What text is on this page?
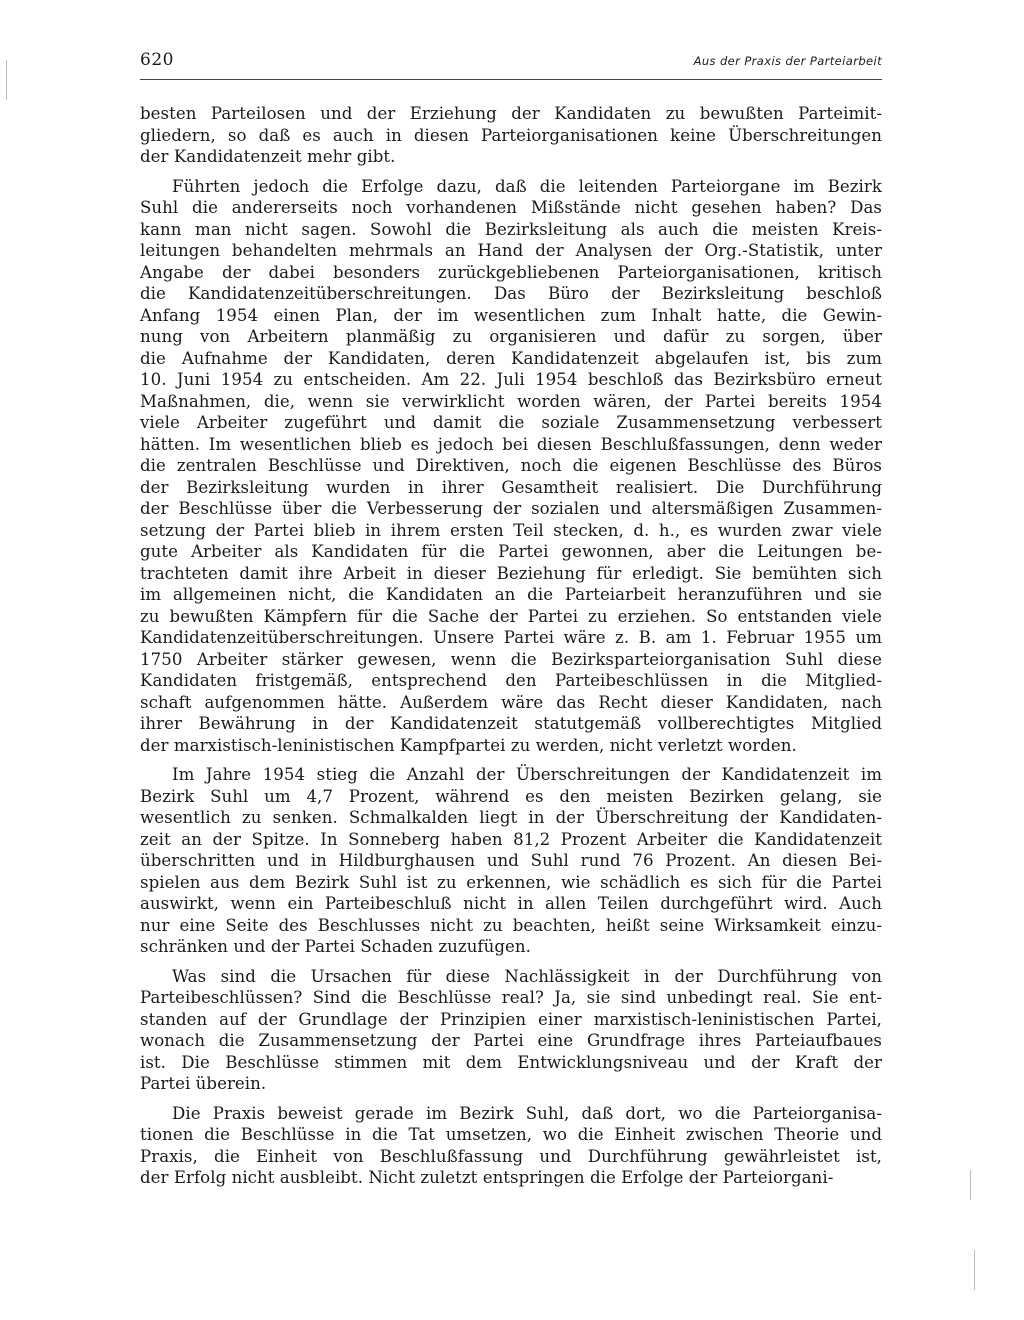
620	Aus der Praxis der Parteiarbeit
besten Parteilosen und der Erziehung der Kandidaten zu bewußten Parteimit-
gliedern, so daß es auch in diesen Parteiorganisationen keine Überschreitungen
der Kandidatenzeit mehr gibt.
Führten jedoch die Erfolge dazu, daß die leitenden Parteiorgane im Bezirk
Suhl die andererseits noch vorhandenen Mißstände nicht gesehen haben? Das
kann man nicht sagen. Sowohl die Bezirksleitung als auch die meisten Kreis-
leitungen behandelten mehrmals an Hand der Analysen der Org.-Statistik, unter
Angabe der dabei besonders zurückgebliebenen Parteiorganisationen, kritisch
die Kandidatenzeitüberschreitungen. Das Büro der Bezirksleitung beschloß
Anfang 1954 einen Plan, der im wesentlichen zum Inhalt hatte, die Gewin-
nung von Arbeitern planmäßig zu organisieren und dafür zu sorgen, über
die Aufnahme der Kandidaten, deren Kandidatenzeit abgelaufen ist, bis zum
10. Juni 1954 zu entscheiden. Am 22. Juli 1954 beschloß das Bezirksbüro erneut
Maßnahmen, die, wenn sie verwirklicht worden wären, der Partei bereits 1954
viele Arbeiter zugeführt und damit die soziale Zusammensetzung verbessert
hätten. Im wesentlichen blieb es jedoch bei diesen Beschlußfassungen, denn weder
die zentralen Beschlüsse und Direktiven, noch die eigenen Beschlüsse des Büros
der Bezirksleitung wurden in ihrer Gesamtheit realisiert. Die Durchführung
der Beschlüsse über die Verbesserung der sozialen und altersmäßigen Zusammen-
setzung der Partei blieb in ihrem ersten Teil stecken, d. h., es wurden zwar viele
gute Arbeiter als Kandidaten für die Partei gewonnen, aber die Leitungen be-
trachteten damit ihre Arbeit in dieser Beziehung für erledigt. Sie bemühten sich
im allgemeinen nicht, die Kandidaten an die Parteiarbeit heranzuführen und sie
zu bewußten Kämpfern für die Sache der Partei zu erziehen. So entstanden viele
Kandidatenzeitüberschreitungen. Unsere Partei wäre z. B. am 1. Februar 1955 um
1750 Arbeiter stärker gewesen, wenn die Bezirksparteiorganisation Suhl diese
Kandidaten fristgemäß, entsprechend den Parteibeschlüssen in die Mitglied-
schaft aufgenommen hätte. Außerdem wäre das Recht dieser Kandidaten, nach
ihrer Bewährung in der Kandidatenzeit statutgemäß vollberechtigtes Mitglied
der marxistisch-leninistischen Kampfpartei zu werden, nicht verletzt worden.
Im Jahre 1954 stieg die Anzahl der Überschreitungen der Kandidatenzeit im
Bezirk Suhl um 4,7 Prozent, während es den meisten Bezirken gelang, sie
wesentlich zu senken. Schmalkalden liegt in der Überschreitung der Kandidaten-
zeit an der Spitze. In Sonneberg haben 81,2 Prozent Arbeiter die Kandidatenzeit
überschritten und in Hildburghausen und Suhl rund 76 Prozent. An diesen Bei-
spielen aus dem Bezirk Suhl ist zu erkennen, wie schädlich es sich für die Partei
auswirkt, wenn ein Parteibeschluß nicht in allen Teilen durchgeführt wird. Auch
nur eine Seite des Beschlusses nicht zu beachten, heißt seine Wirksamkeit einzu-
schränken und der Partei Schaden zuzufügen.
Was sind die Ursachen für diese Nachlässigkeit in der Durchführung von
Parteibeschlüssen? Sind die Beschlüsse real? Ja, sie sind unbedingt real. Sie ent-
standen auf der Grundlage der Prinzipien einer marxistisch-leninistischen Partei,
wonach die Zusammensetzung der Partei eine Grundfrage ihres Parteiaufbaues
ist. Die Beschlüsse stimmen mit dem Entwicklungsniveau und der Kraft der
Partei überein.
Die Praxis beweist gerade im Bezirk Suhl, daß dort, wo die Parteiorganisa-
tionen die Beschlüsse in die Tat umsetzen, wo die Einheit zwischen Theorie und
Praxis, die Einheit von Beschlußfassung und Durchführung gewährleistet ist,
der Erfolg nicht ausbleibt. Nicht zuletzt entspringen die Erfolge der Parteiorgani-
